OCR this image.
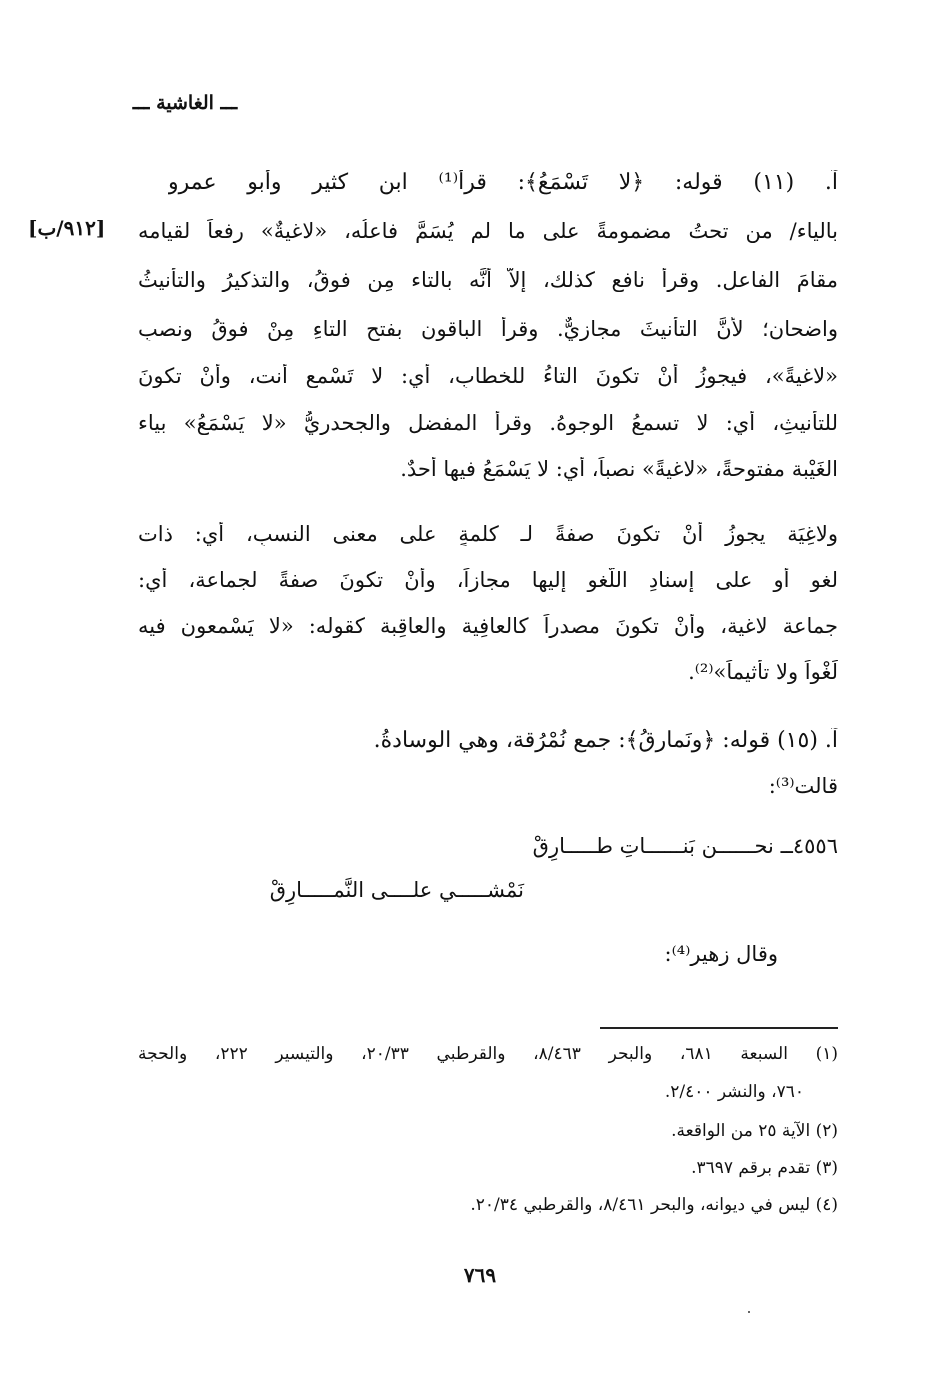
ـــ الغاشية ـــ
[٩١٢/ب]
آ. (١١) قوله: ﴿لا تَسْمَعُ﴾: قرأ⁽¹⁾ ابن كثير وأبو عمرو
بالياء/ من تحتُ مضمومةً على ما لم يُسَمَّ فاعلُه، «لاغيةٌ» رفعاً لقيامه
مقامَ الفاعلِ. وقرأ نافع كذلك، إلاّ أنَّه بالتاء مِن فوقُ، والتذكيرُ والتأنيثُ
واضحان؛ لأنَّ التأنيثَ مجازيٌّ. وقرأ الباقون بفتح التاءِ مِنْ فوقُ ونصبِ
«لاغيةً»، فيجوزُ أَنْ تكونَ التاءُ للخطابِ، أي: لا تَسْمع أنت، وأَنْ تكونَ
للتأنيثِ، أي: لا تسمعُ الوجوهُ. وقرأ المفضل والجحدريُّ «لا يَسْمَعُ» بياء
الغَيْبة مفتوحةً، «لاغيةً» نصباً، أي: لا يَسْمَعُ فيها أحدٌ.
ولاغِيَة يجوزُ أَنْ تكونَ صفةً لـ كلمةٍ على معنى النسبِ، أي: ذات
لغوٍ أو على إسنادِ اللَّغوِ إليها مجازاً، وأَنْ تكونَ صفةً لجماعة، أي:
جماعة لاغية، وأَنْ تكونَ مصدراً كالعافِية والعاقِبة كقوله: «لا يَسْمعون فيه
لَغْواً ولا تأثيماً»⁽²⁾.
آ. (١٥) قوله: ﴿ونَمارِقُ﴾: جمع نُمْرُقة، وهي الوِسادةُ.
قالت⁽³⁾:
٤٥٥٦ــ نحــــــن بَنــــــاتِ طـــــارِقْ
نَمْشـــــي علــــى النَّمـــــارِقْ
وقال زهير⁽⁴⁾:
(١) السبعة ٦٨١، والبحر ٨/٤٦٣، والقرطبي ٢٠/٣٣، والتيسير ٢٢٢، والحجة
٧٦٠، والنشر ٢/٤٠٠.
(٢) الآية ٢٥ من الواقعة.
(٣) تقدم برقم ٣٦٩٧.
(٤) ليس في ديوانه، والبحر ٨/٤٦١، والقرطبي ٢٠/٣٤.
٧٦٩
